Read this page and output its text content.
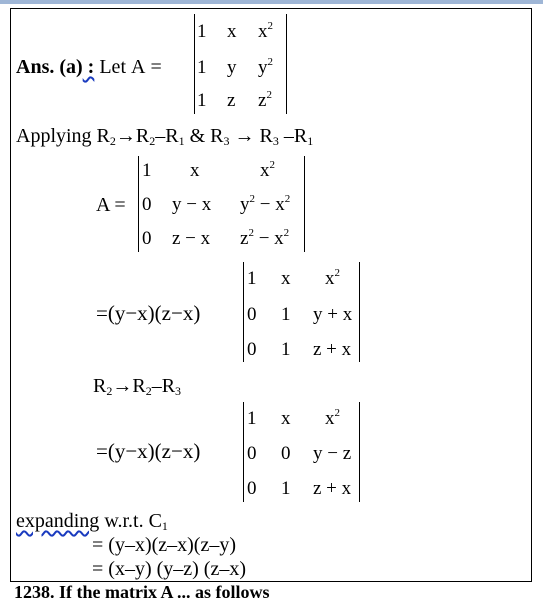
Ans. (a) : Let A =
1 x $x^2$
1 y $y^2$
1 z $z^2$
Applying $R_2\to R_2-R_1$ & $R_3 \to R_3$ $-R_1$
A =
1 x	$x^2$
0 y − x $y^2 - x^2$
0 z − x $z^2 - x^2$
=(y−x)(z−x)
1 x $x^2$
0 1 y + x
0 1 z + x
$R_2\to R_2-R_3$
=(y−x)(z−x)
1 x $x^2$
0 0 y − z
0 1 z + x
expanding w.r.t. $C_1$
= (y–x)(z–x)(z–y)
= (x–y) (y–z) (z–x)
1238. If the matrix A ... as follows
